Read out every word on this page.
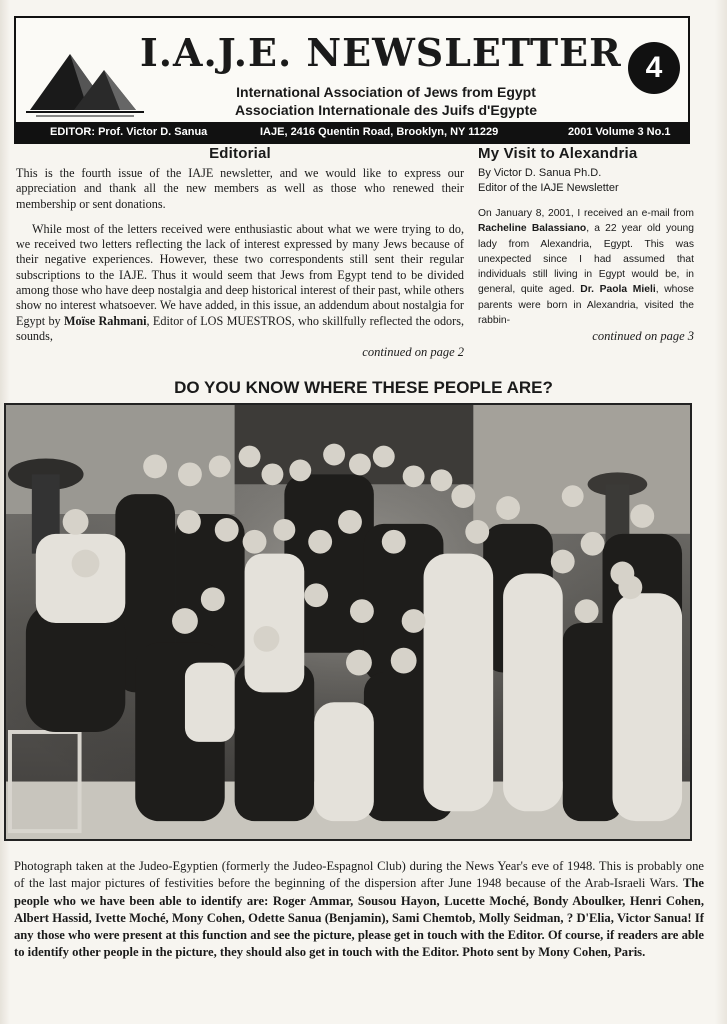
I.A.J.E. NEWSLETTER
International Association of Jews from Egypt
Association Internationale des Juifs d'Egypte
4
EDITOR: Prof. Victor D. Sanua	IAJE, 2416 Quentin Road, Brooklyn, NY 11229	2001 Volume 3 No.1
Editorial

This is the fourth issue of the IAJE newsletter, and we would like to express our appreciation and thank all the new members as well as those who renewed their membership or sent donations.

While most of the letters received were enthusiastic about what we were trying to do, we received two letters reflecting the lack of interest expressed by many Jews because of their negative experiences. However, these two correspondents still sent their regular subscriptions to the IAJE. Thus it would seem that Jews from Egypt tend to be divided among those who have deep nostalgia and deep historical interest of their past, while others show no interest whatsoever. We have added, in this issue, an addendum about nostalgia for Egypt by Moïse Rahmani, Editor of LOS MUESTROS, who skillfully reflected the odors, sounds,

continued on page 2
My Visit to Alexandria
By Victor D. Sanua Ph.D.
Editor of the IAJE Newsletter

On January 8, 2001, I received an e-mail from Racheline Balassiano, a 22 year old young lady from Alexandria, Egypt. This was unexpected since I had assumed that individuals still living in Egypt would be, in general, quite aged. Dr. Paola Mieli, whose parents were born in Alexandria, visited the rabbin-

continued on page 3
DO YOU KNOW WHERE THESE PEOPLE ARE?
Photograph taken at the Judeo-Egyptien (formerly the Judeo-Espagnol Club) during the News Year's eve of 1948. This is probably one of the last major pictures of festivities before the beginning of the dispersion after June 1948 because of the Arab-Israeli Wars. The people who we have been able to identify are: Roger Ammar, Sousou Hayon, Lucette Moché, Bondy Aboulker, Henri Cohen, Albert Hassid, Ivette Moché, Mony Cohen, Odette Sanua (Benjamin), Sami Chemtob, Molly Seidman, ? D'Elia, Victor Sanua! If any those who were present at this function and see the picture, please get in touch with the Editor. Of course, if readers are able to identify other people in the picture, they should also get in touch with the Editor. Photo sent by Mony Cohen, Paris.
